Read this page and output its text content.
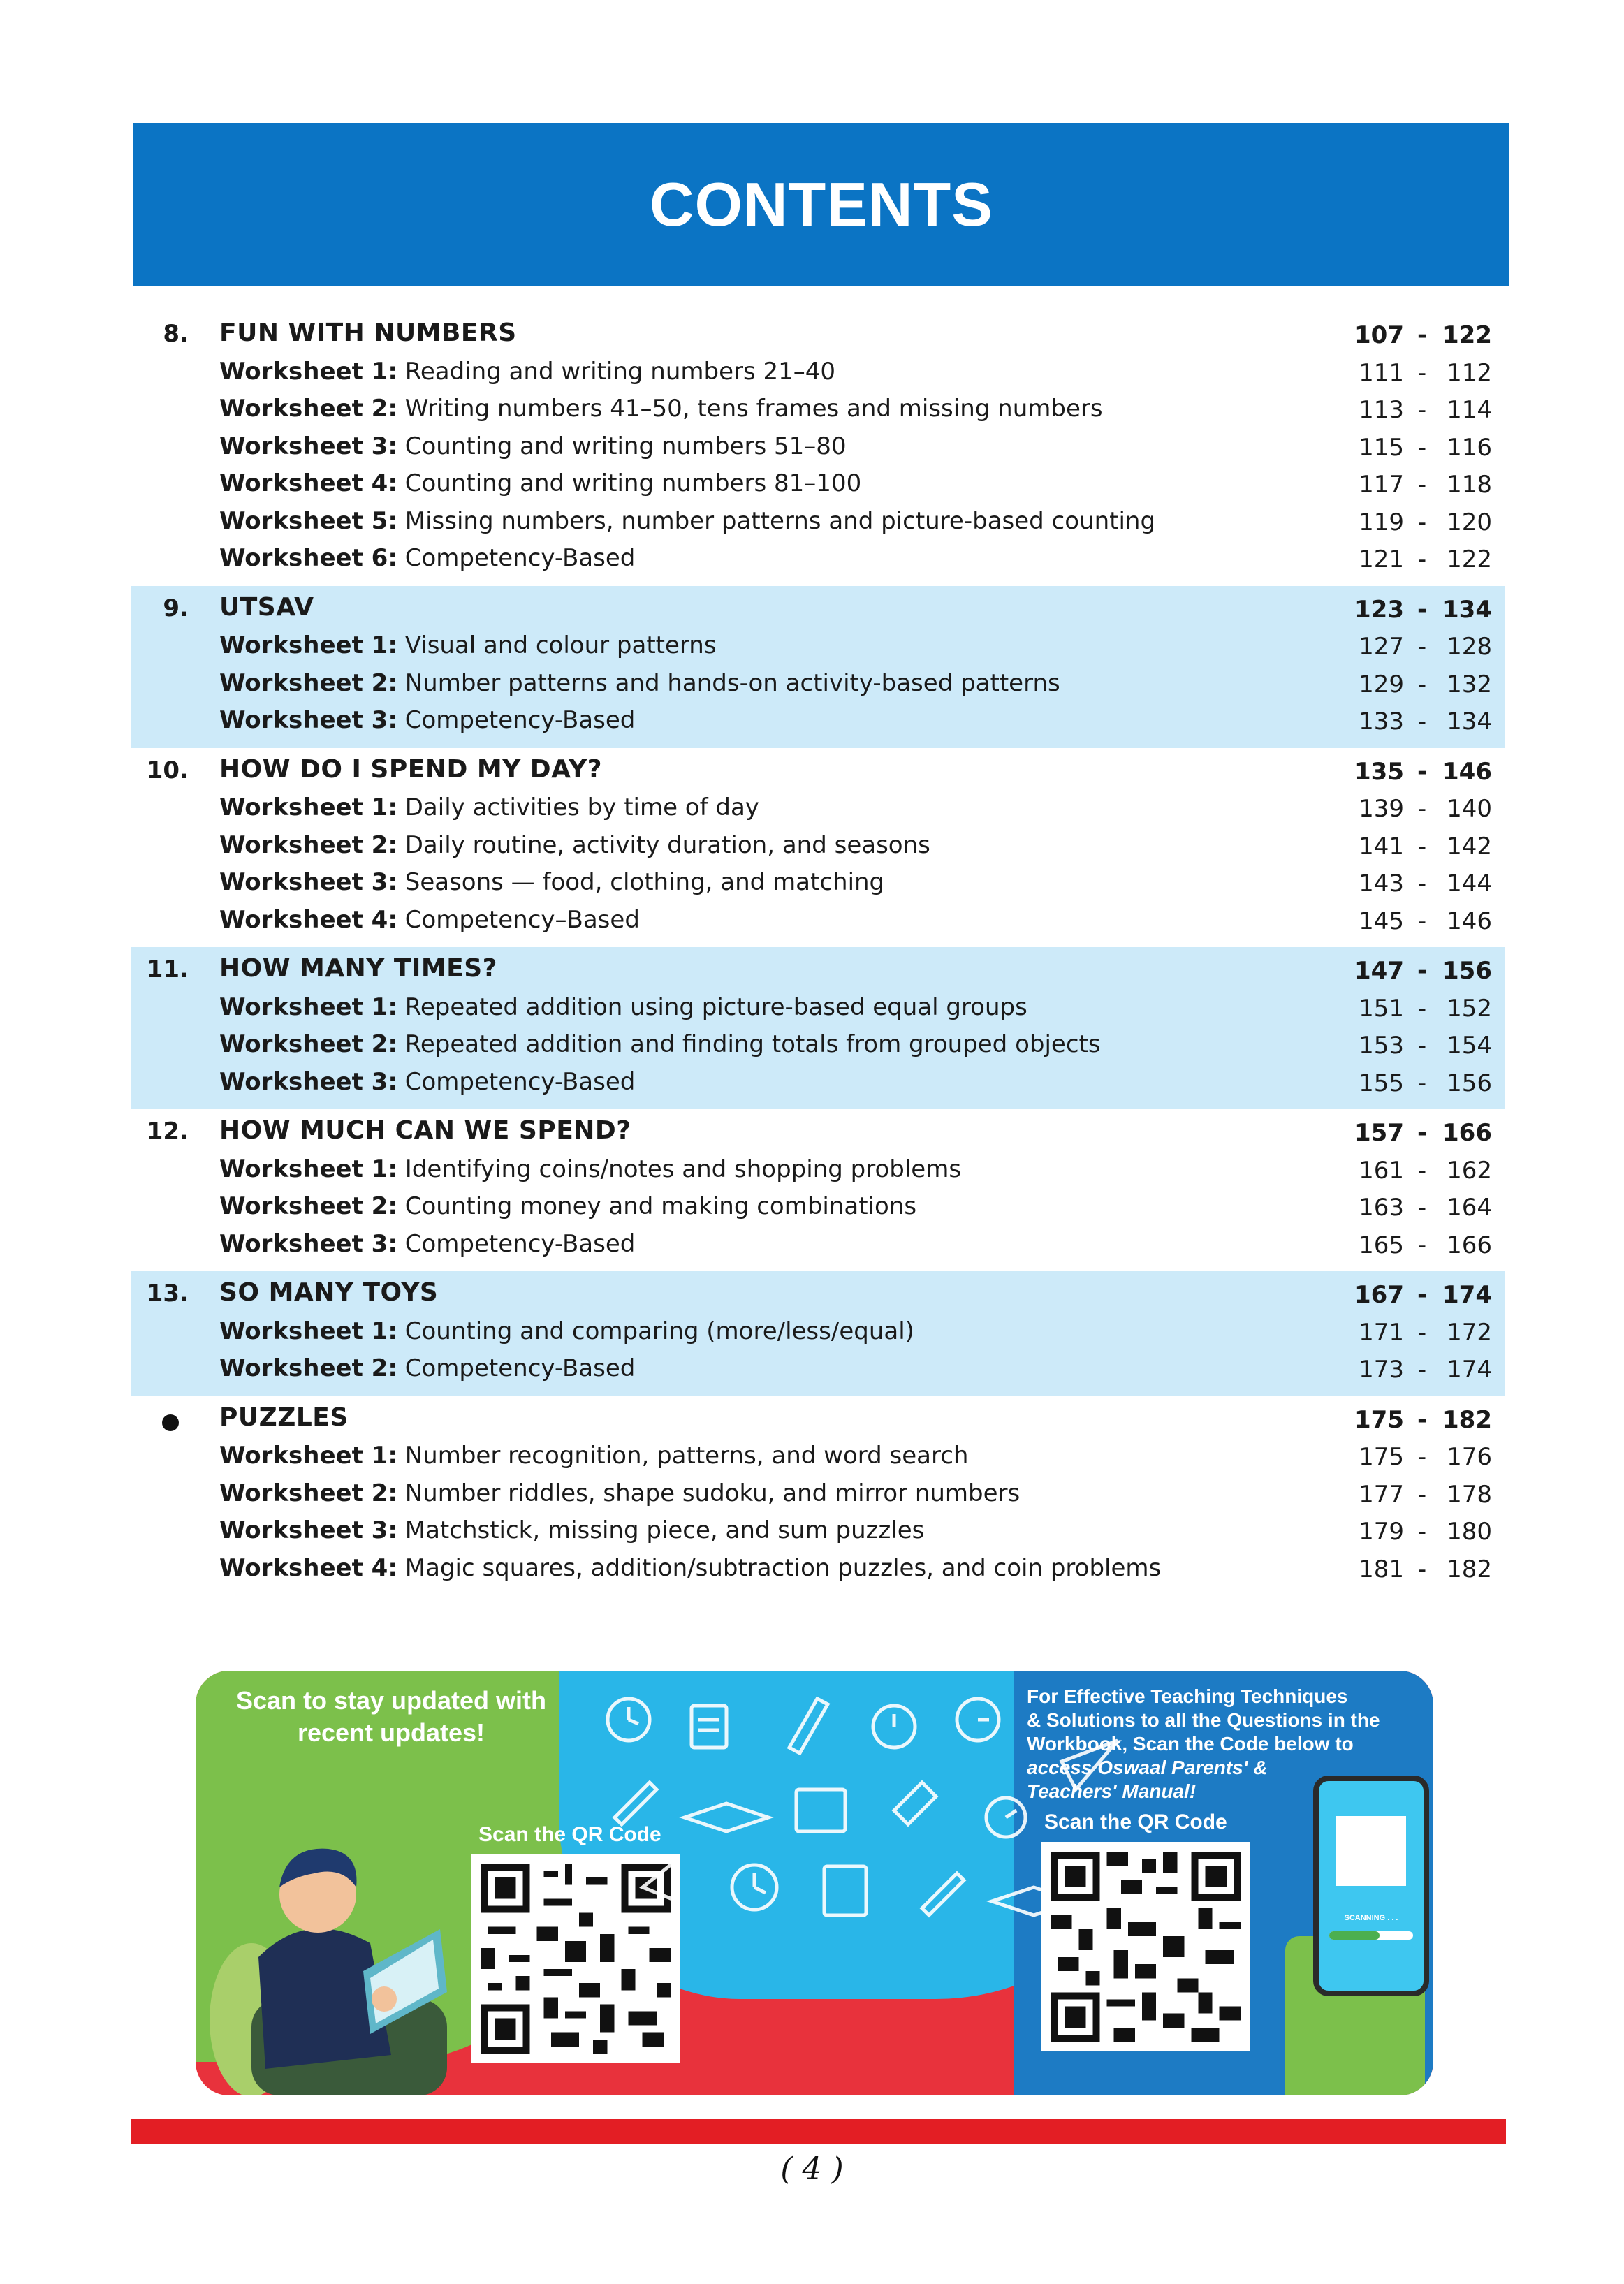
CONTENTS
8. FUN WITH NUMBERS	107 - 122
Worksheet 1: Reading and writing numbers 21–40	111 - 112
Worksheet 2: Writing numbers 41–50, tens frames and missing numbers	113 - 114
Worksheet 3: Counting and writing numbers 51–80	115 - 116
Worksheet 4: Counting and writing numbers 81–100	117 - 118
Worksheet 5: Missing numbers, number patterns and picture-based counting	119 - 120
Worksheet 6: Competency-Based	121 - 122
9. UTSAV	123 - 134
Worksheet 1: Visual and colour patterns	127 - 128
Worksheet 2: Number patterns and hands-on activity-based patterns	129 - 132
Worksheet 3: Competency-Based	133 - 134
10. HOW DO I SPEND MY DAY?	135 - 146
Worksheet 1: Daily activities by time of day	139 - 140
Worksheet 2: Daily routine, activity duration, and seasons	141 - 142
Worksheet 3: Seasons — food, clothing, and matching	143 - 144
Worksheet 4: Competency–Based	145 - 146
11. HOW MANY TIMES?	147 - 156
Worksheet 1: Repeated addition using picture-based equal groups	151 - 152
Worksheet 2: Repeated addition and finding totals from grouped objects	153 - 154
Worksheet 3: Competency-Based	155 - 156
12. HOW MUCH CAN WE SPEND?	157 - 166
Worksheet 1: Identifying coins/notes and shopping problems	161 - 162
Worksheet 2: Counting money and making combinations	163 - 164
Worksheet 3: Competency-Based	165 - 166
13. SO MANY TOYS	167 - 174
Worksheet 1: Counting and comparing (more/less/equal)	171 - 172
Worksheet 2: Competency-Based	173 - 174
PUZZLES	175 - 182
Worksheet 1: Number recognition, patterns, and word search	175 - 176
Worksheet 2: Number riddles, shape sudoku, and mirror numbers	177 - 178
Worksheet 3: Matchstick, missing piece, and sum puzzles	179 - 180
Worksheet 4: Magic squares, addition/subtraction puzzles, and coin problems	181 - 182
Scan to stay updated with
recent updates!
Scan the QR Code
For Effective Teaching Techniques
& Solutions to all the Questions in the
Workbook, Scan the Code below to
access Oswaal Parents' &
Teachers' Manual!
Scan the QR Code
SCANNING . . .
( 4 )
